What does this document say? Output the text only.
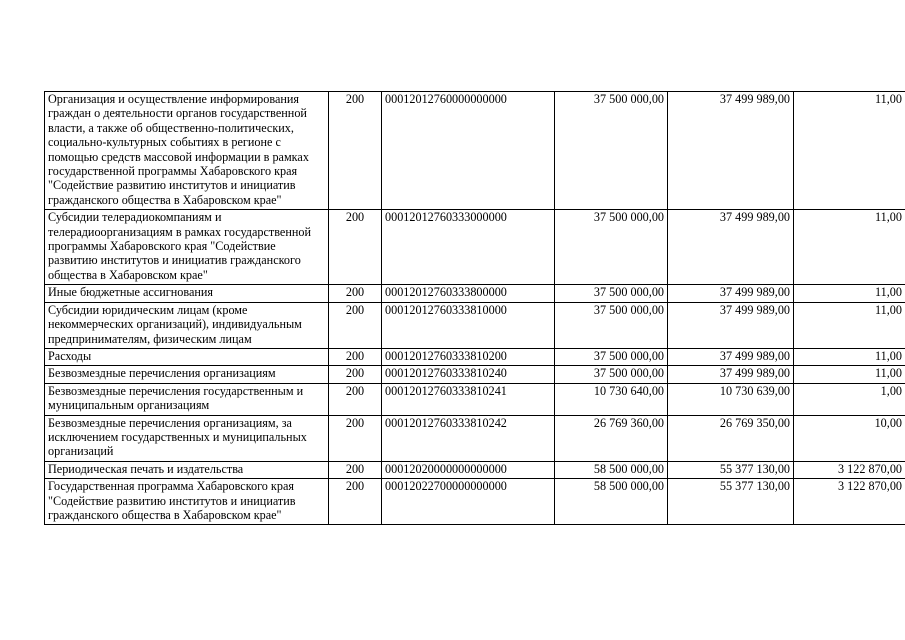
Организация и осуществление информирования граждан о деятельности органов государственной власти, а также об общественно-политических, социально-культурных событиях в регионе с помощью средств массовой информации в рамках государственной программы Хабаровского края "Содействие развитию институтов и инициатив гражданского общества в Хабаровском крае"	200	00012012760000000000	37 500 000,00	37 499 989,00	11,00
Субсидии телерадиокомпаниям и телерадиоорганизациям в рамках государственной программы Хабаровского края "Содействие развитию институтов и инициатив гражданского общества в Хабаровском крае"	200	00012012760333000000	37 500 000,00	37 499 989,00	11,00
Иные бюджетные ассигнования	200	00012012760333800000	37 500 000,00	37 499 989,00	11,00
Субсидии юридическим лицам (кроме некоммерческих организаций), индивидуальным предпринимателям, физическим лицам	200	00012012760333810000	37 500 000,00	37 499 989,00	11,00
Расходы	200	00012012760333810200	37 500 000,00	37 499 989,00	11,00
Безвозмездные перечисления организациям	200	00012012760333810240	37 500 000,00	37 499 989,00	11,00
Безвозмездные перечисления государственным и муниципальным организациям	200	00012012760333810241	10 730 640,00	10 730 639,00	1,00
Безвозмездные перечисления организациям, за исключением государственных и муниципальных организаций	200	00012012760333810242	26 769 360,00	26 769 350,00	10,00
Периодическая печать и издательства	200	00012020000000000000	58 500 000,00	55 377 130,00	3 122 870,00
Государственная программа Хабаровского края "Содействие развитию институтов и инициатив гражданского общества в Хабаровском крае"	200	00012022700000000000	58 500 000,00	55 377 130,00	3 122 870,00
